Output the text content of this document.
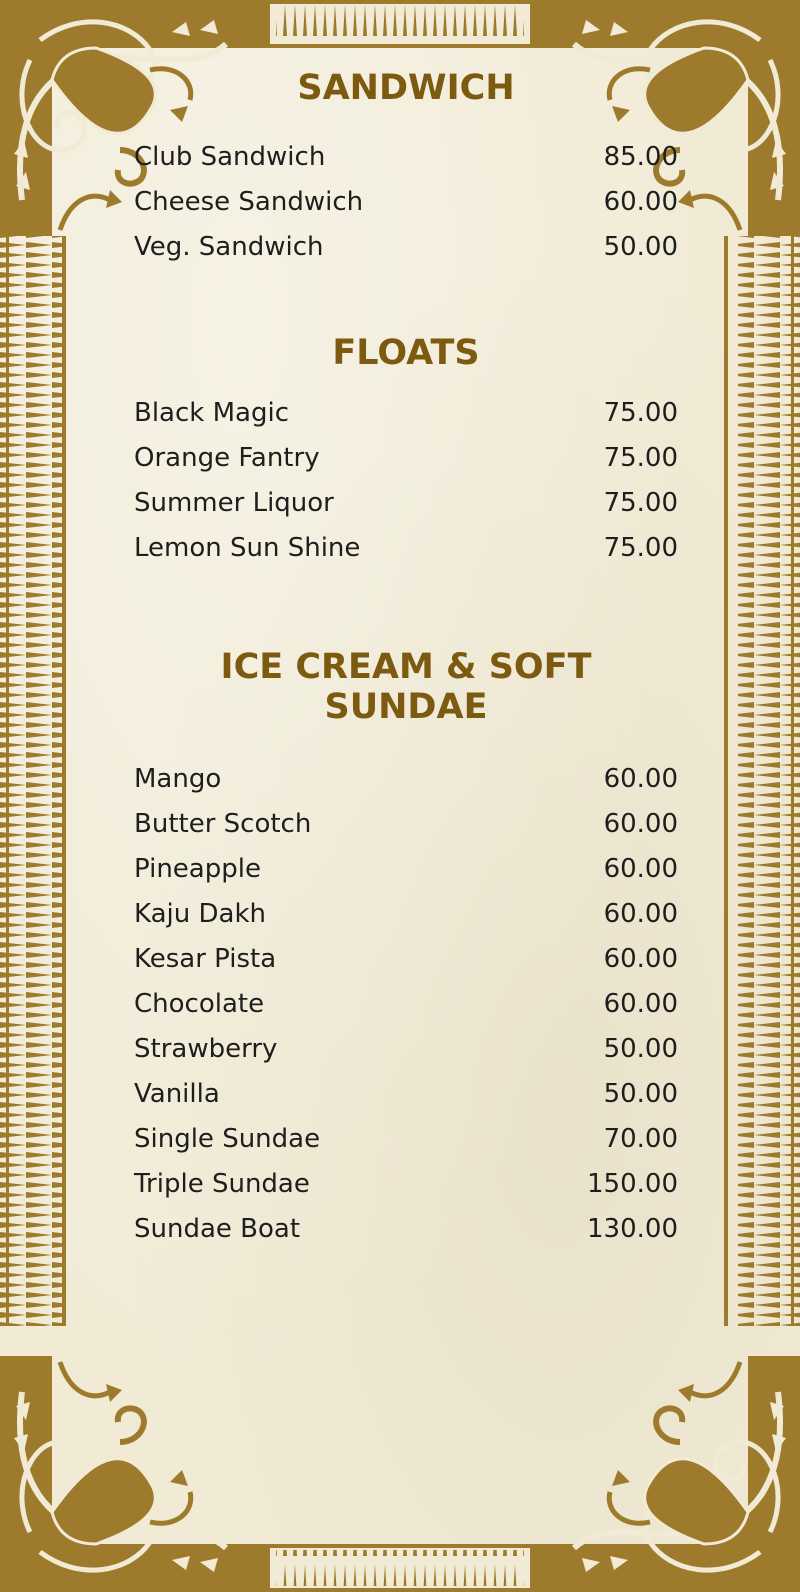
SANDWICH
Club Sandwich	85.00
Cheese Sandwich	60.00
Veg. Sandwich	50.00
FLOATS
Black Magic	75.00
Orange Fantry	75.00
Summer Liquor	75.00
Lemon Sun Shine	75.00
ICE CREAM & SOFT SUNDAE
Mango	60.00
Butter Scotch	60.00
Pineapple	60.00
Kaju Dakh	60.00
Kesar Pista	60.00
Chocolate	60.00
Strawberry	50.00
Vanilla	50.00
Single Sundae	70.00
Triple Sundae	150.00
Sundae Boat	130.00
